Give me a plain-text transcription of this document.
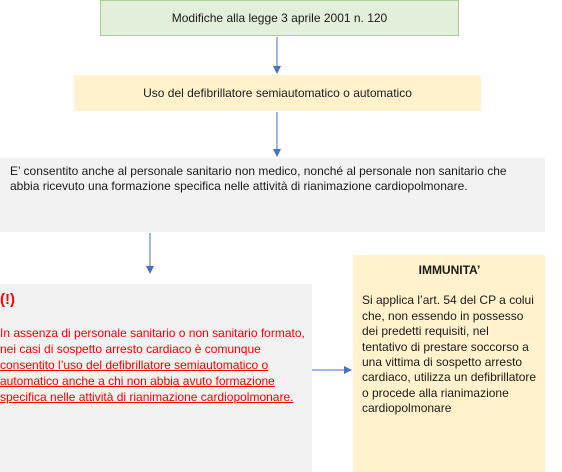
Modifiche alla legge 3 aprile 2001 n. 120
Uso del defibrillatore semiautomatico o automatico
E’ consentito anche al personale sanitario non medico, nonché al personale non sanitario che abbia ricevuto una formazione specifica nelle attività di rianimazione cardiopolmonare.
(!)

In assenza di personale sanitario o non sanitario formato, nei casi di sospetto arresto cardiaco è comunque consentito l’uso del defibrillatore semiautomatico o automatico anche a chi non abbia avuto formazione specifica nelle attività di rianimazione cardiopolmonare.

IMMUNITA’

Si applica l’art. 54 del CP a colui che, non essendo in possesso dei predetti requisiti, nel tentativo di prestare soccorso a una vittima di sospetto arresto cardiaco, utilizza un defibrillatore o procede alla rianimazione cardiopolmonare
